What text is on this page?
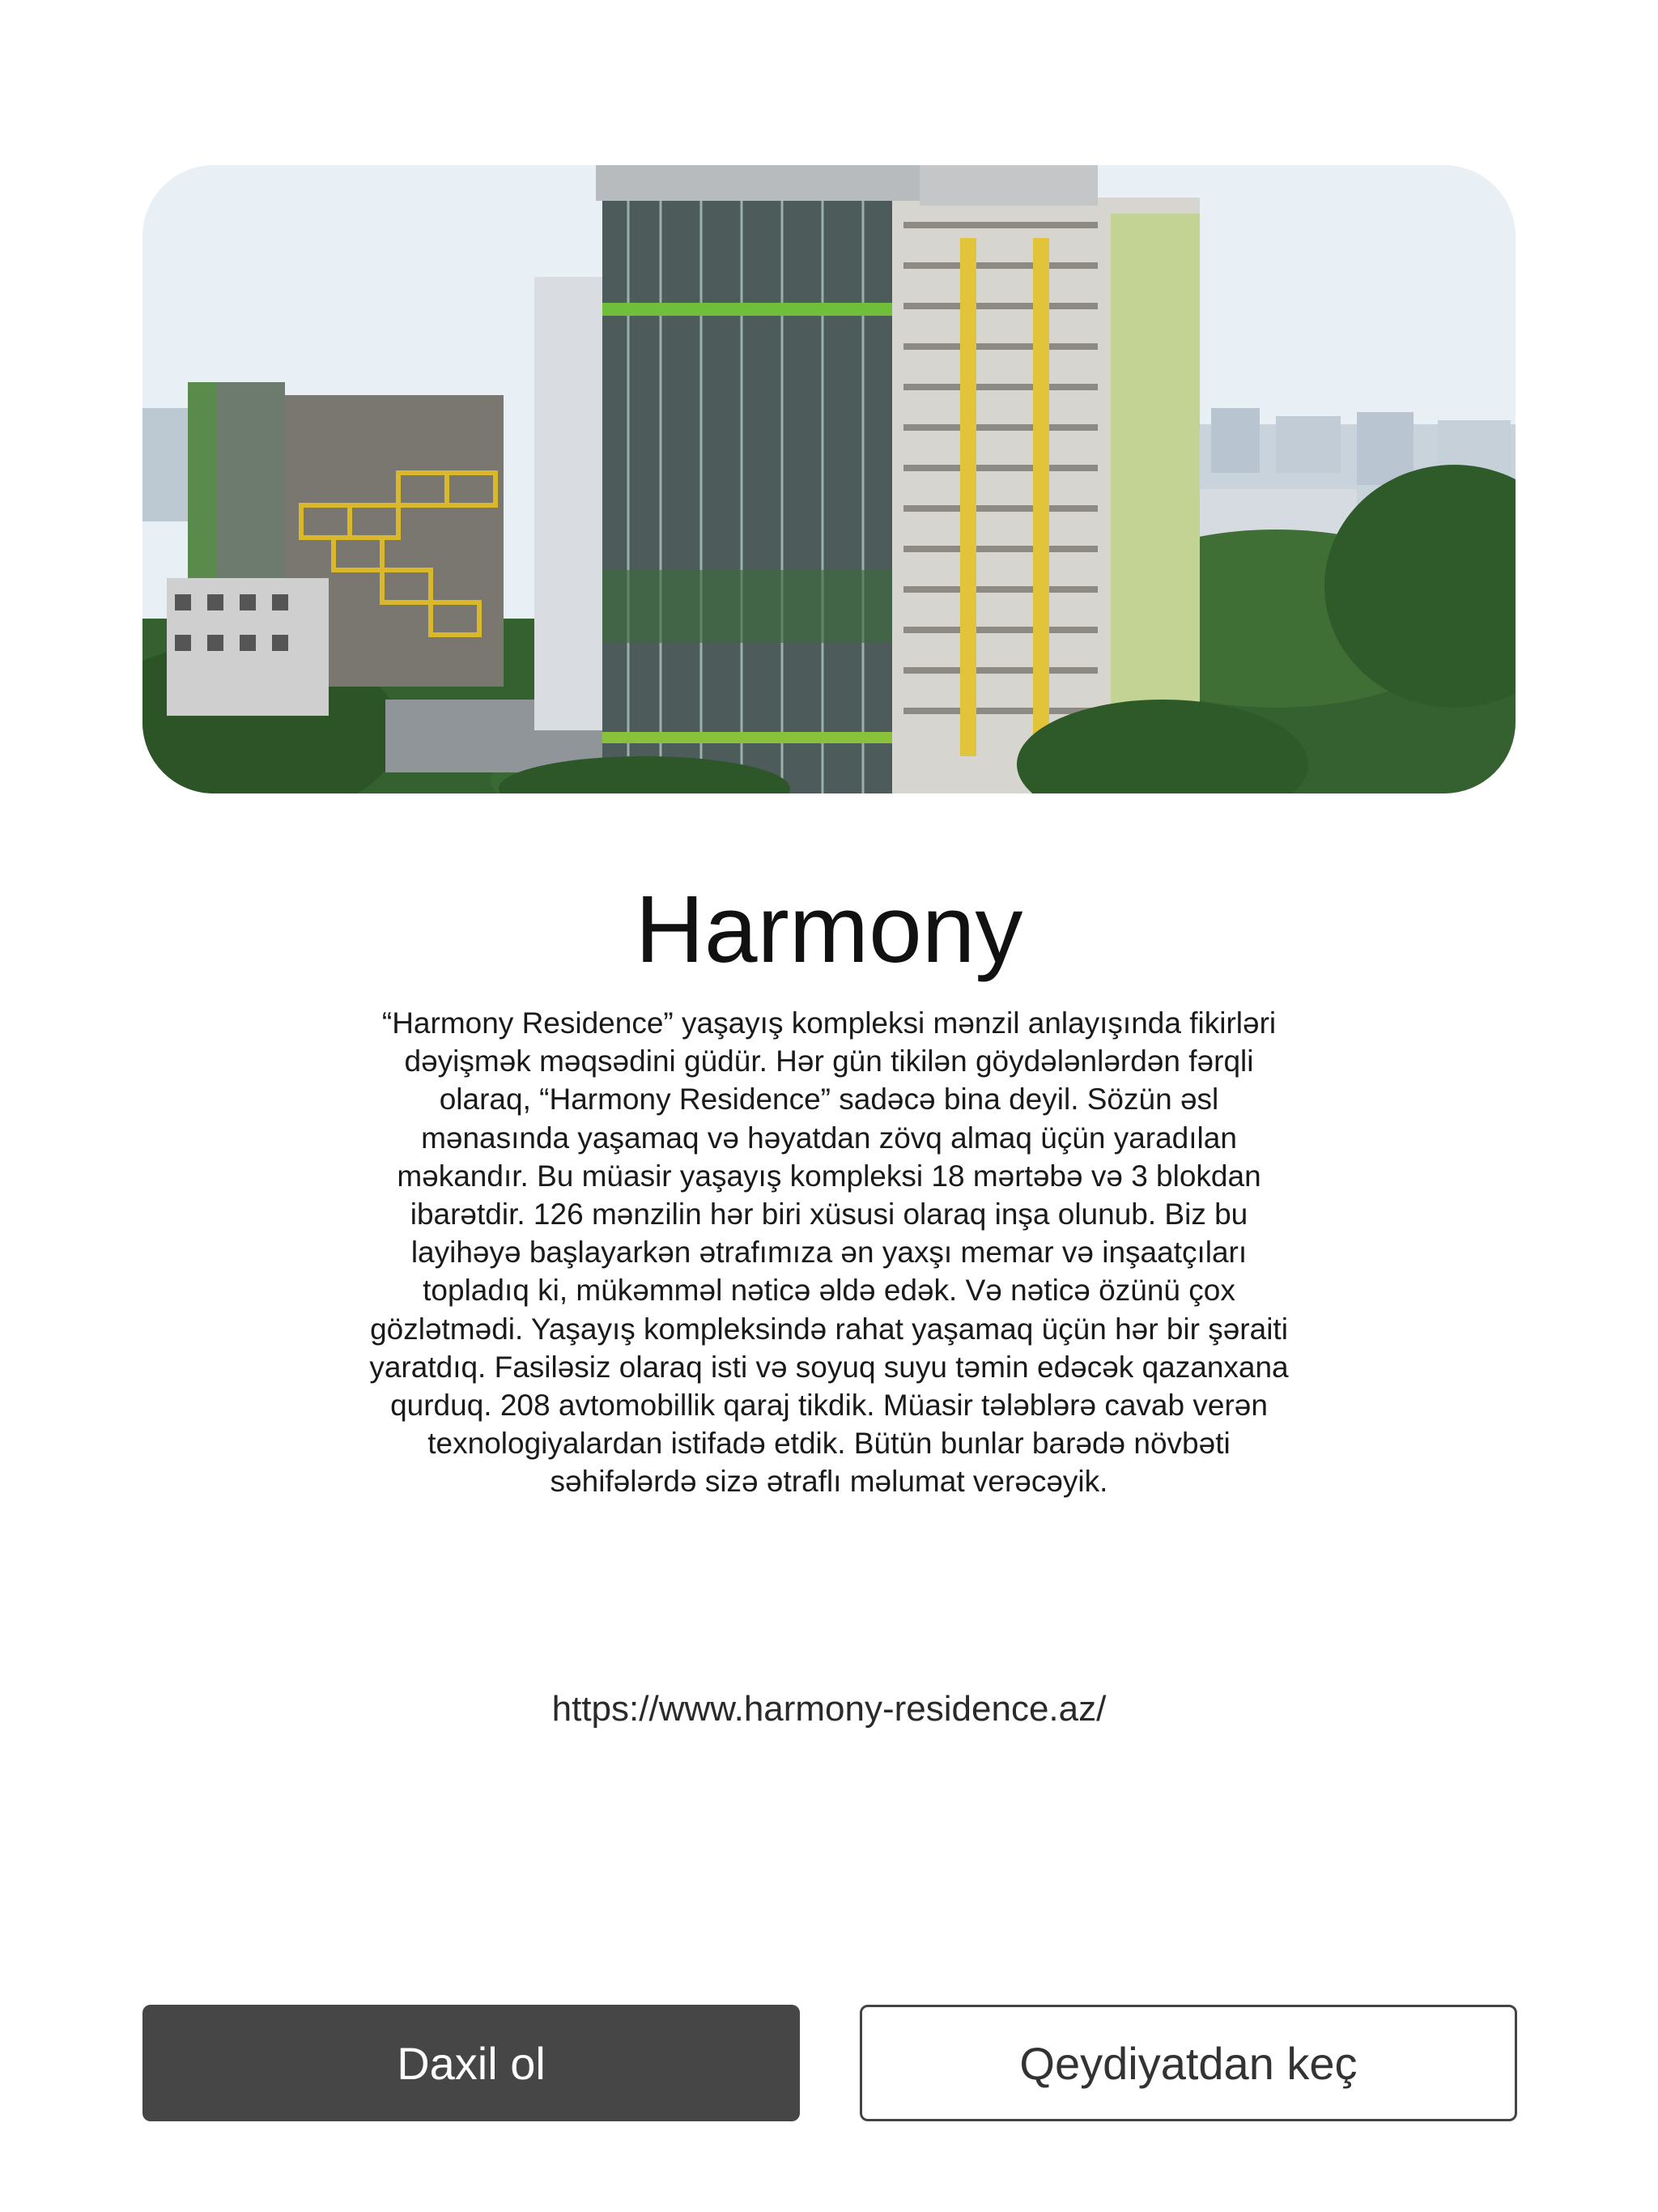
Harmony
“Harmony Residence” yaşayış kompleksi mənzil anlayışında fikirləri dəyişmək məqsədini güdür. Hər gün tikilən göydələnlərdən fərqli olaraq, “Harmony Residence” sadəcə bina deyil. Sözün əsl mənasında yaşamaq və həyatdan zövq almaq üçün yaradılan məkandır. Bu müasir yaşayış kompleksi 18 mərtəbə və 3 blokdan ibarətdir. 126 mənzilin hər biri xüsusi olaraq inşa olunub. Biz bu layihəyə başlayarkən ətrafımıza ən yaxşı memar və inşaatçıları topladıq ki, mükəmməl nəticə əldə edək. Və nəticə özünü çox gözlətmədi. Yaşayış kompleksində rahat yaşamaq üçün hər bir şəraiti yaratdıq. Fasiləsiz olaraq isti və soyuq suyu təmin edəcək qazanxana qurduq. 208 avtomobillik qaraj tikdik. Müasir tələblərə cavab verən texnologiyalardan istifadə etdik. Bütün bunlar barədə növbəti səhifələrdə sizə ətraflı məlumat verəcəyik.
https://www.harmony-residence.az/
Daxil ol	Qeydiyatdan keç
